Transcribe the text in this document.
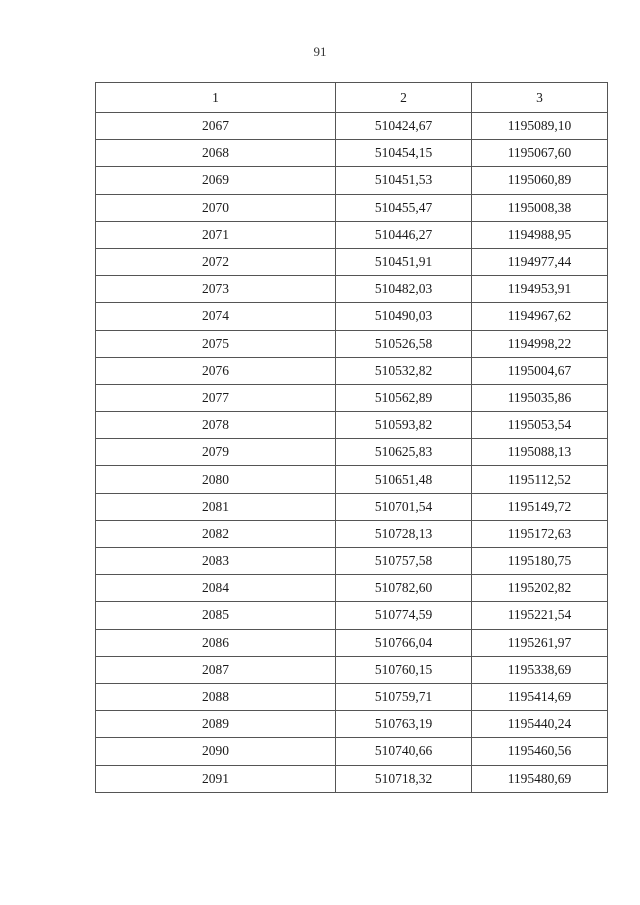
91
1	2	3
2067	510424,67	1195089,10
2068	510454,15	1195067,60
2069	510451,53	1195060,89
2070	510455,47	1195008,38
2071	510446,27	1194988,95
2072	510451,91	1194977,44
2073	510482,03	1194953,91
2074	510490,03	1194967,62
2075	510526,58	1194998,22
2076	510532,82	1195004,67
2077	510562,89	1195035,86
2078	510593,82	1195053,54
2079	510625,83	1195088,13
2080	510651,48	1195112,52
2081	510701,54	1195149,72
2082	510728,13	1195172,63
2083	510757,58	1195180,75
2084	510782,60	1195202,82
2085	510774,59	1195221,54
2086	510766,04	1195261,97
2087	510760,15	1195338,69
2088	510759,71	1195414,69
2089	510763,19	1195440,24
2090	510740,66	1195460,56
2091	510718,32	1195480,69
